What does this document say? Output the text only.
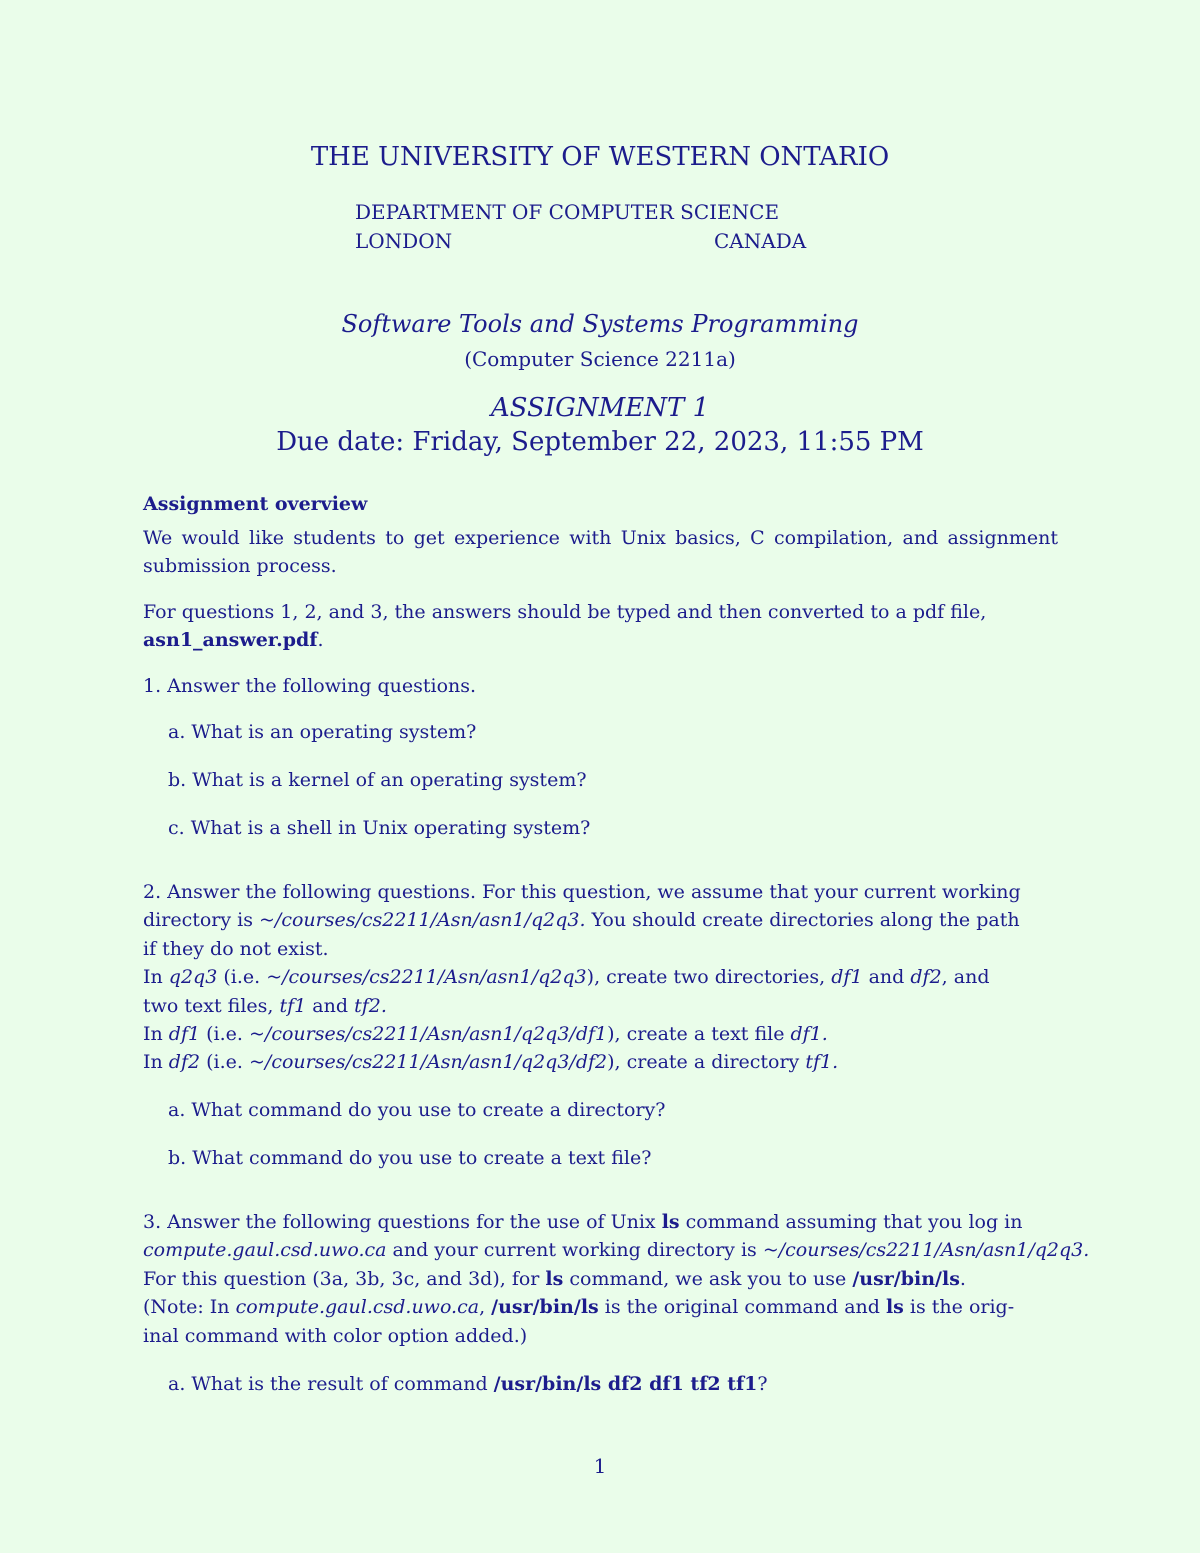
THE UNIVERSITY OF WESTERN ONTARIO
DEPARTMENT OF COMPUTER SCIENCE
LONDON	CANADA
Software Tools and Systems Programming
(Computer Science 2211a)
ASSIGNMENT 1
Due date: Friday, September 22, 2023, 11:55 PM
Assignment overview
We would like students to get experience with Unix basics, C compilation, and assignment submission process.
For questions 1, 2, and 3, the answers should be typed and then converted to a pdf file,
asn1_answer.pdf.
1. Answer the following questions.
a. What is an operating system?
b. What is a kernel of an operating system?
c. What is a shell in Unix operating system?
2. Answer the following questions. For this question, we assume that your current working
directory is ~/courses/cs2211/Asn/asn1/q2q3. You should create directories along the path
if they do not exist.
In q2q3 (i.e. ~/courses/cs2211/Asn/asn1/q2q3), create two directories, df1 and df2, and
two text files, tf1 and tf2.
In df1 (i.e. ~/courses/cs2211/Asn/asn1/q2q3/df1), create a text file df1.
In df2 (i.e. ~/courses/cs2211/Asn/asn1/q2q3/df2), create a directory tf1.
a. What command do you use to create a directory?
b. What command do you use to create a text file?
3. Answer the following questions for the use of Unix ls command assuming that you log in
compute.gaul.csd.uwo.ca and your current working directory is ~/courses/cs2211/Asn/asn1/q2q3.
For this question (3a, 3b, 3c, and 3d), for ls command, we ask you to use /usr/bin/ls.
(Note: In compute.gaul.csd.uwo.ca, /usr/bin/ls is the original command and ls is the orig-
inal command with color option added.)
a. What is the result of command /usr/bin/ls df2 df1 tf2 tf1?
1
